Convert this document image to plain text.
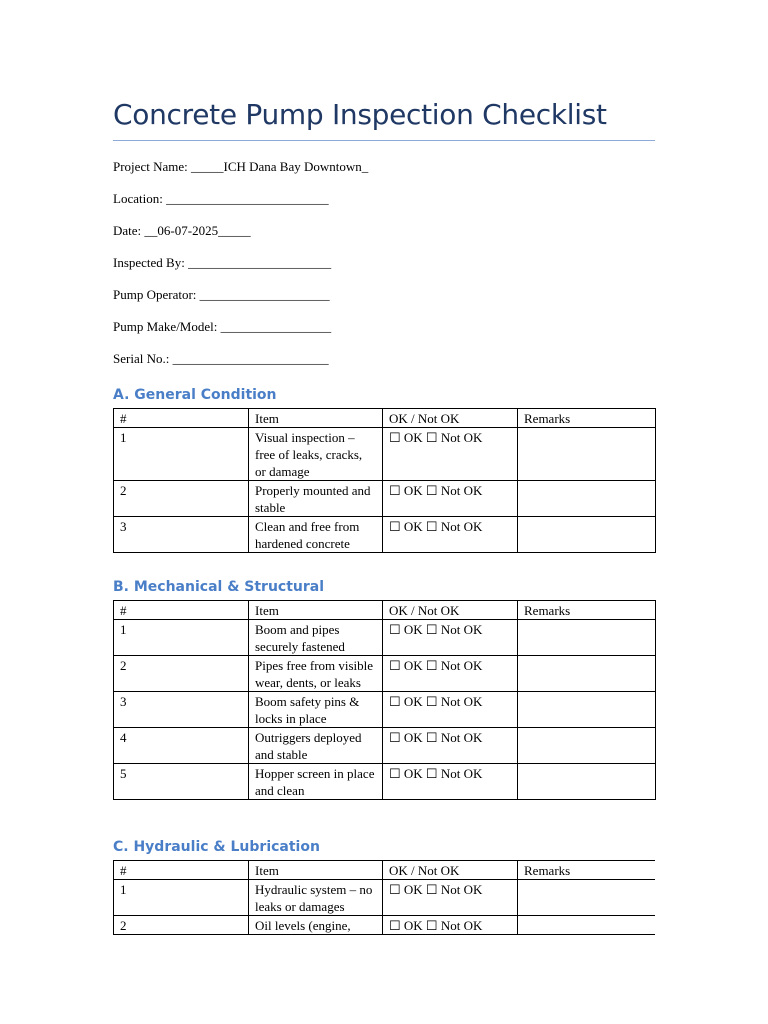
Concrete Pump Inspection Checklist
Project Name: _____ICH Dana Bay Downtown_
Location: _________________________
Date: __06-07-2025_____
Inspected By: ______________________
Pump Operator: ____________________
Pump Make/Model: _________________
Serial No.: ________________________
A. General Condition
#	Item	OK / Not OK	Remarks
1	Visual inspection – free of leaks, cracks, or damage	☐ OK ☐ Not OK	
2	Properly mounted and stable	☐ OK ☐ Not OK	
3	Clean and free from hardened concrete	☐ OK ☐ Not OK	
B. Mechanical & Structural
#	Item	OK / Not OK	Remarks
1	Boom and pipes securely fastened	☐ OK ☐ Not OK	
2	Pipes free from visible wear, dents, or leaks	☐ OK ☐ Not OK	
3	Boom safety pins & locks in place	☐ OK ☐ Not OK	
4	Outriggers deployed and stable	☐ OK ☐ Not OK	
5	Hopper screen in place and clean	☐ OK ☐ Not OK	
C. Hydraulic & Lubrication
#	Item	OK / Not OK	Remarks
1	Hydraulic system – no leaks or damages	☐ OK ☐ Not OK	
2	Oil levels (engine,	☐ OK ☐ Not OK	
